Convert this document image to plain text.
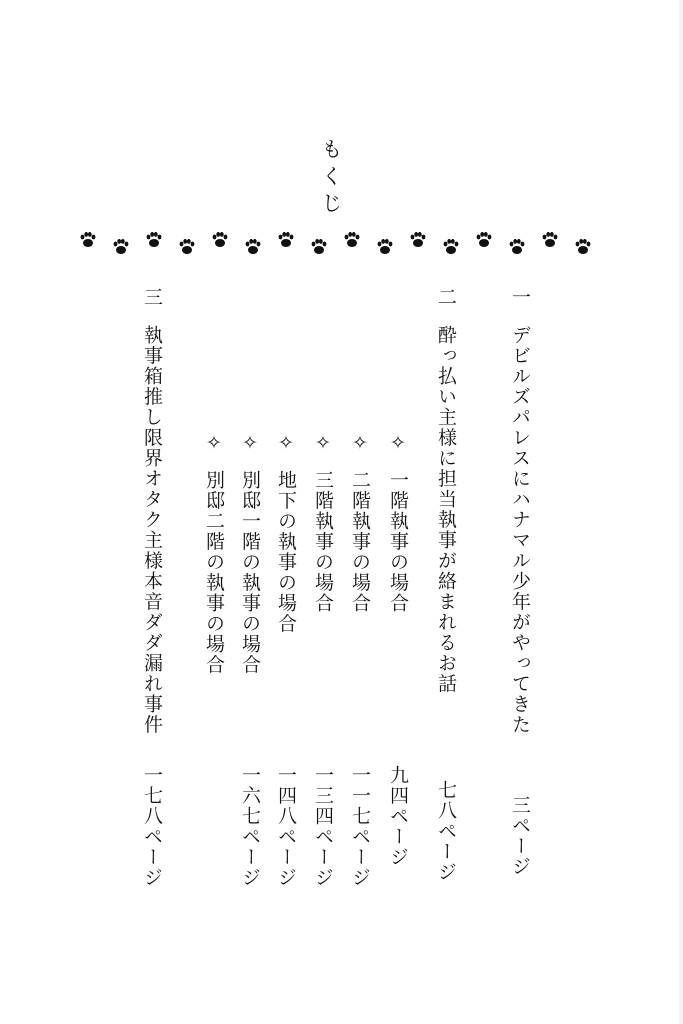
もくじ
一
デビルズパレスにハナマル少年がやってきた
三ページ
二
酔っ払い主様に担当執事が絡まれるお話
七八ページ
✧
一階執事の場合
九四ページ
✧
二階執事の場合
一一七ページ
✧
三階執事の場合
一三四ページ
✧
地下の執事の場合
一四八ページ
✧
別邸一階の執事の場合
一六七ページ
✧
別邸二階の執事の場合
三
執事箱推し限界オタク主様本音ダダ漏れ事件
一七八ページ
